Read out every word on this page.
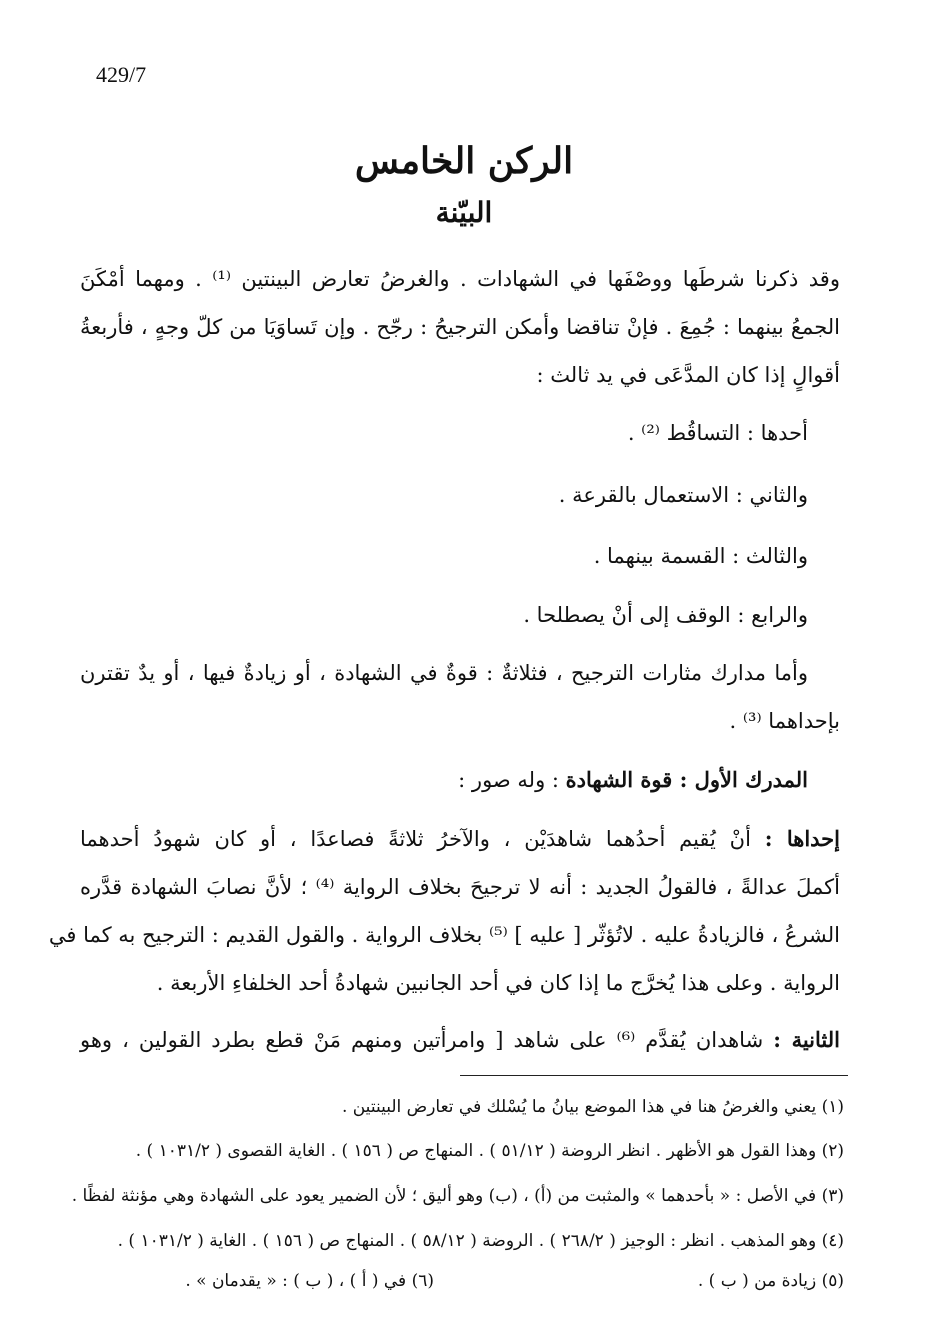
429/7
الركن الخامس
البيّنة
وقد ذكرنا شرطَها ووصْفَها في الشهادات . والغرضُ تعارض البينتين ⁽¹⁾ . ومهما أمْكَنَ
الجمعُ بينهما : جُمِعَ . فإنْ تناقضا وأمكن الترجيحُ : رجّح . وإن تَساوَيَا من كلّ وجهٍ ، فأربعةُ
أقوالٍ إذا كان المدَّعَى في يد ثالث :
أحدها : التساقُط ⁽²⁾ .
والثاني : الاستعمال بالقرعة .
والثالث : القسمة بينهما .
والرابع : الوقف إلى أنْ يصطلحا .
وأما مدارك مثارات الترجيح ، فثلاثةٌ : قوةٌ في الشهادة ، أو زيادةٌ فيها ، أو يدٌ تقترن
بإحداهما ⁽³⁾ .
المدرك الأول : قوة الشهادة : وله صور :
إحداها : أنْ يُقيم أحدُهما شاهدَيْن ، والآخرُ ثلاثةً فصاعدًا ، أو كان شهودُ أحدهما
أكملَ عدالةً ، فالقولُ الجديد : أنه لا ترجيحَ بخلاف الرواية ⁽⁴⁾ ؛ لأنَّ نصابَ الشهادة قدَّره
الشرعُ ، فالزيادةُ عليه . لاتُؤثّر [ عليه ] ⁽⁵⁾ بخلاف الرواية . والقول القديم : الترجيح به كما في
الرواية . وعلى هذا يُخرَّج ما إذا كان في أحد الجانبين شهادةُ أحد الخلفاءِ الأربعة .
الثانية : شاهدان يُقدَّم ⁽⁶⁾ على شاهد [ وامرأتين ومنهم مَنْ قطع بطرد القولين ، وهو
(١) يعني والغرضُ هنا في هذا الموضع بيانُ ما يُسْلك في تعارض البينتين .
(٢) وهذا القول هو الأظهر . انظر الروضة ( ٥١/١٢ ) . المنهاج ص ( ١٥٦ ) . الغاية القصوى ( ١٠٣١/٢ ) .
(٣) في الأصل : « بأحدهما » والمثبت من (أ) ، (ب) وهو أليق ؛ لأن الضمير يعود على الشهادة وهي مؤنثة لفظًا .
(٤) وهو المذهب . انظر : الوجيز ( ٢٦٨/٢ ) . الروضة ( ٥٨/١٢ ) . المنهاج ص ( ١٥٦ ) . الغاية ( ١٠٣١/٢ ) .
(٥) زيادة من ( ب ) .
(٦) في ( أ ) ، ( ب ) : « يقدمان » .
